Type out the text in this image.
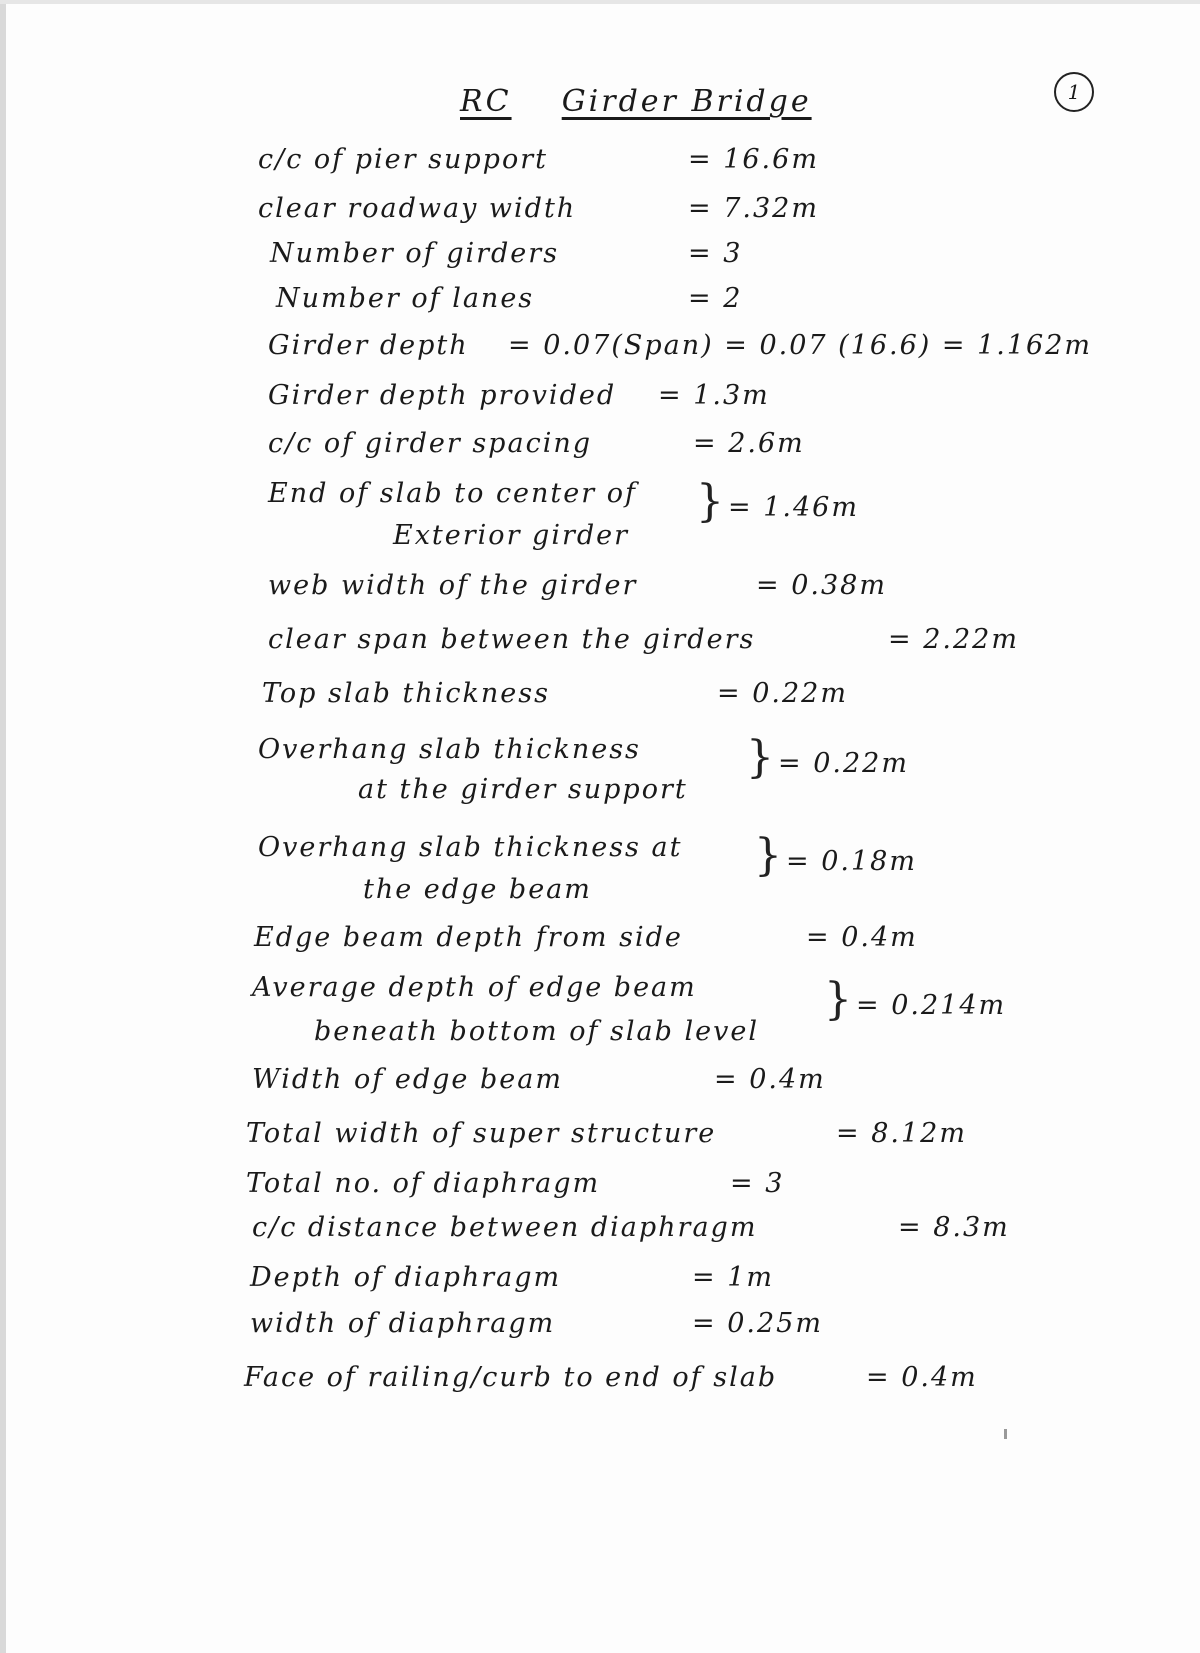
1
RC Girder Bridge
c/c of pier support	= 16.6m
clear roadway width	= 7.32m
Number of girders	= 3
Number of lanes	= 2
Girder depth = 0.07(Span) = 0.07 (16.6) = 1.162m
Girder depth provided = 1.3m
c/c of girder spacing	= 2.6m
End of slab to center of
Exterior girder
} = 1.46m
web width of the girder	= 0.38m
clear span between the girders	= 2.22m
Top slab thickness	= 0.22m
Overhang slab thickness
at the girder support
} = 0.22m
Overhang slab thickness at
the edge beam
} = 0.18m
Edge beam depth from side	= 0.4m
Average depth of edge beam
beneath bottom of slab level
} = 0.214m
Width of edge beam	= 0.4m
Total width of super structure	= 8.12m
Total no. of diaphragm	= 3
c/c distance between diaphragm	= 8.3m
Depth of diaphragm	= 1m
width of diaphragm	= 0.25m
Face of railing/curb to end of slab	= 0.4m
